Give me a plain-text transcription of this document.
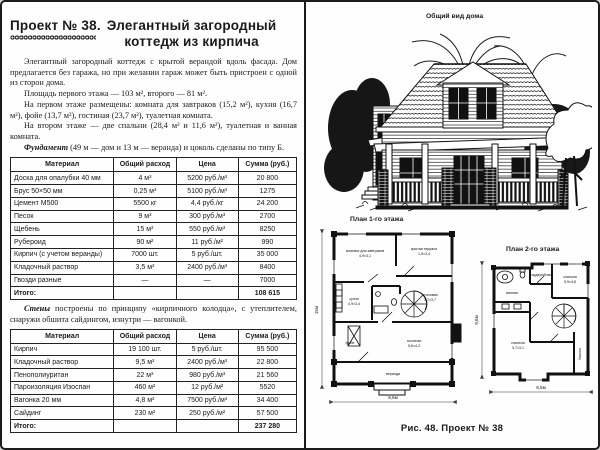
Проект № 38. Элегантный загородный
коттедж из кирпича

Элегантный загородный коттедж с крытой верандой вдоль фасада. Дом предлагается без гаража, но при желании гараж может быть пристроен с одной из сторон дома.

Площадь первого этажа — 103 м², второго — 81 м².

На первом этаже размещены: комната для завтраков (15,2 м²), кухня (16,7 м²), фойе (13,7 м²), гостиная (23,7 м²), туалетная комната.

На втором этаже — две спальни (28,4 м² и 11,6 м²), туалетная и ванная комната.

Фундамент (49 м — дом и 13 м — веранда) и цоколь сделаны по типу Б.

Материал	Общий расход	Цена	Сумма (руб.)
Доска для опалубки 40 мм	4 м³	5200 руб./м³	20 800
Брус 50×50 мм	0,25 м³	5100 руб./м³	1275
Цемент М500	5500 кг	4,4 руб./кг	24 200
Песок	9 м³	300 руб./м³	2700
Щебень	15 м³	550 руб./м³	8250
Рубероид	90 м²	11 руб./м²	990
Кирпич (с учетом веранды)	7000 шт.	5 руб./шт.	35 000
Кладочный раствор	3,5 м³	2400 руб./м³	8400
Гвозди разные	—	—	7000
Итого:			108 615

Стены построены по принципу «кирпичного колодца», с утеплителем, снаружи обшита сайдингом, изнутри — вагонкой.

Материал	Общий расход	Цена	Сумма (руб.)
Кирпич	19 100 шт.	5 руб./шт.	95 500
Кладочный раствор	9,5 м³	2400 руб./м³	22 800
Пенополиуритан	22 м³	980 руб./м³	21 560
Пароизоляция Изоспан	460 м²	12 руб./м²	5520
Вагонка 20 мм	4,8 м³	7500 руб./м³	34 400
Сайдинг	230 м²	250 руб./м²	57 500
Итого:			237 280
Общий вид дома
План 1-го этажа
15м
8,6м
комната для завтраков
4,9×3,1
крытая терраса
1,9×3,4
кухня
4,9×3,4
столовая
3,7×3,7
фойе	гостиная
5,6×4,3
веранда
План 2-го этажа
9,6м
8,5м
ванная
гардеробная	спальня
5,9×4,8
спальня
3,7×3,1
балкон
Рис. 48. Проект № 38
